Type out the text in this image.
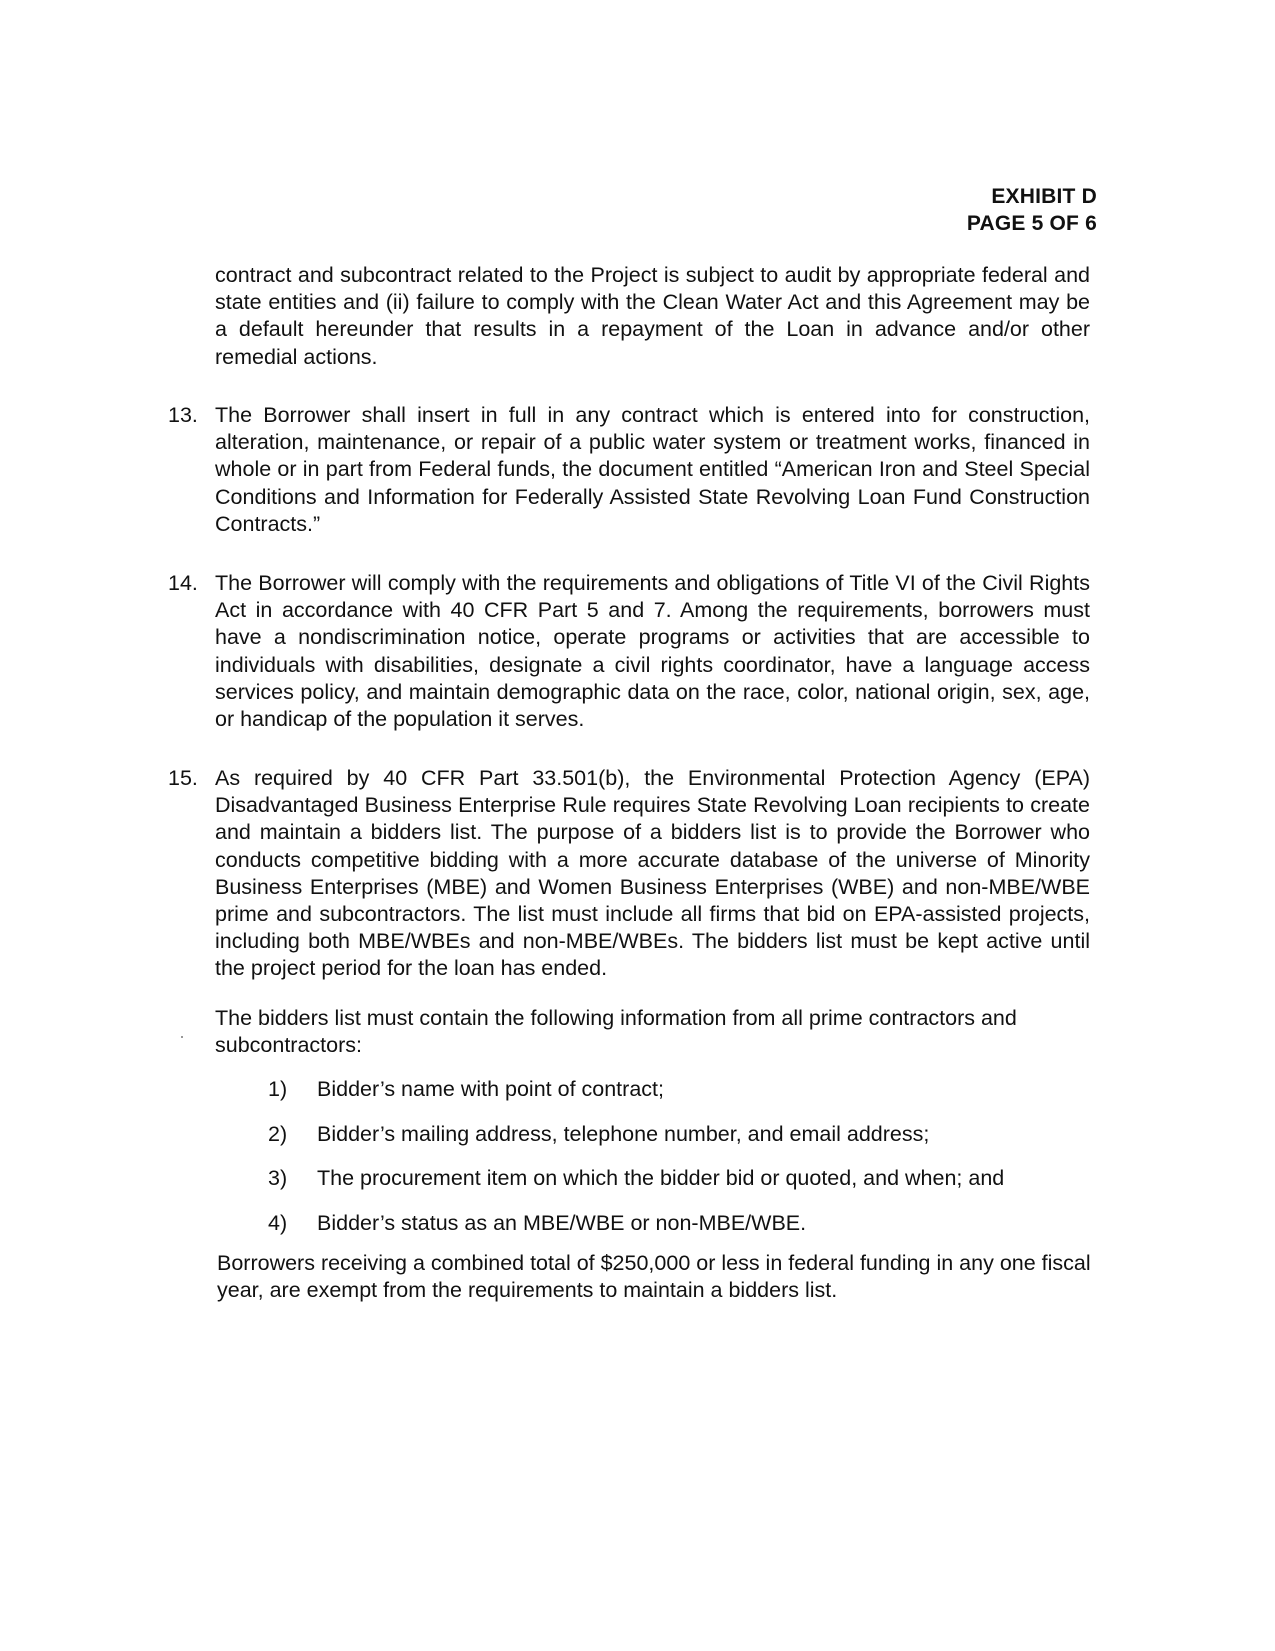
EXHIBIT D
PAGE 5 OF 6
contract and subcontract related to the Project is subject to audit by appropriate federal and state entities and (ii) failure to comply with the Clean Water Act and this Agreement may be a default hereunder that results in a repayment of the Loan in advance and/or other remedial actions.
13. The Borrower shall insert in full in any contract which is entered into for construction, alteration, maintenance, or repair of a public water system or treatment works, financed in whole or in part from Federal funds, the document entitled “American Iron and Steel Special Conditions and Information for Federally Assisted State Revolving Loan Fund Construction Contracts.”
14. The Borrower will comply with the requirements and obligations of Title VI of the Civil Rights Act in accordance with 40 CFR Part 5 and 7. Among the requirements, borrowers must have a nondiscrimination notice, operate programs or activities that are accessible to individuals with disabilities, designate a civil rights coordinator, have a language access services policy, and maintain demographic data on the race, color, national origin, sex, age, or handicap of the population it serves.
15. As required by 40 CFR Part 33.501(b), the Environmental Protection Agency (EPA) Disadvantaged Business Enterprise Rule requires State Revolving Loan recipients to create and maintain a bidders list. The purpose of a bidders list is to provide the Borrower who conducts competitive bidding with a more accurate database of the universe of Minority Business Enterprises (MBE) and Women Business Enterprises (WBE) and non-MBE/WBE prime and subcontractors. The list must include all firms that bid on EPA-assisted projects, including both MBE/WBEs and non-MBE/WBEs. The bidders list must be kept active until the project period for the loan has ended.
The bidders list must contain the following information from all prime contractors and subcontractors:
1)	Bidder’s name with point of contract;
2)	Bidder’s mailing address, telephone number, and email address;
3)	The procurement item on which the bidder bid or quoted, and when; and
4)	Bidder’s status as an MBE/WBE or non-MBE/WBE.
Borrowers receiving a combined total of $250,000 or less in federal funding in any one fiscal year, are exempt from the requirements to maintain a bidders list.
